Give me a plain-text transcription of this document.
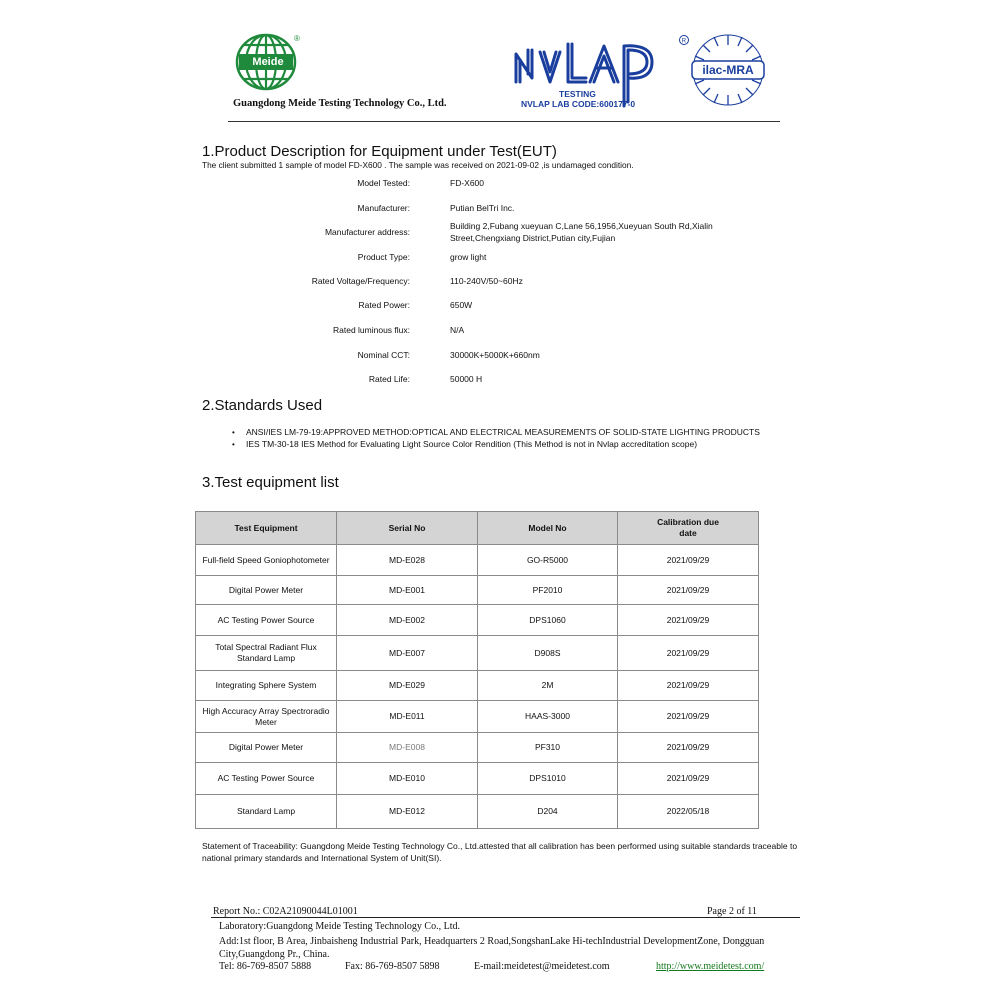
Meide
®
Guangdong Meide Testing Technology Co., Ltd.
R
TESTING
NVLAP LAB CODE:600177-0
ilac-MRA
1.Product Description for Equipment under Test(EUT)
The client submitted 1 sample of model FD-X600 . The sample was received on 2021-09-02 ,is undamaged condition.
Model Tested:	FD-X600
Manufacturer:	Putian BelTri Inc.
Manufacturer address:
Building 2,Fubang xueyuan C,Lane 56,1956,Xueyuan South Rd,Xialin Street,Chengxiang District,Putian city,Fujian
Product Type:	grow light
Rated Voltage/Frequency:	110-240V/50~60Hz
Rated Power:	650W
Rated luminous flux:	N/A
Nominal CCT:	30000K+5000K+660nm
Rated Life:	50000 H
2.Standards Used
• ANSI/IES LM-79-19:APPROVED METHOD:OPTICAL AND ELECTRICAL MEASUREMENTS OF SOLID-STATE LIGHTING PRODUCTS
• IES TM-30-18 IES Method for Evaluating Light Source Color Rendition (This Method is not in Nvlap accreditation scope)
3.Test equipment list
Test Equipment	Serial No	Model No	Calibration due date
Full-field Speed Goniophotometer	MD-E028	GO-R5000	2021/09/29
Digital Power Meter	MD-E001	PF2010	2021/09/29
AC Testing Power Source	MD-E002	DPS1060	2021/09/29
Total Spectral Radiant Flux Standard Lamp	MD-E007	D908S	2021/09/29
Integrating Sphere System	MD-E029	2M	2021/09/29
High Accuracy Array Spectroradio Meter	MD-E011	HAAS-3000	2021/09/29
Digital Power Meter	MD-E008	PF310	2021/09/29
AC Testing Power Source	MD-E010	DPS1010	2021/09/29
Standard Lamp	MD-E012	D204	2022/05/18
Statement of Traceability: Guangdong Meide Testing Technology Co., Ltd.attested that all calibration has been performed using suitable standards traceable to national primary standards and International System of Unit(SI).
Report No.: C02A21090044L01001	Page 2 of 11
Laboratory:Guangdong Meide Testing Technology Co., Ltd.
Add:1st floor, B Area, Jinbaisheng Industrial Park, Headquarters 2 Road,SongshanLake Hi-techIndustrial DevelopmentZone, Dongguan City,Guangdong Pr., China.
Tel: 86-769-8507 5888	Fax: 86-769-8507 5898	E-mail:meidetest@meidetest.com	http://www.meidetest.com/
